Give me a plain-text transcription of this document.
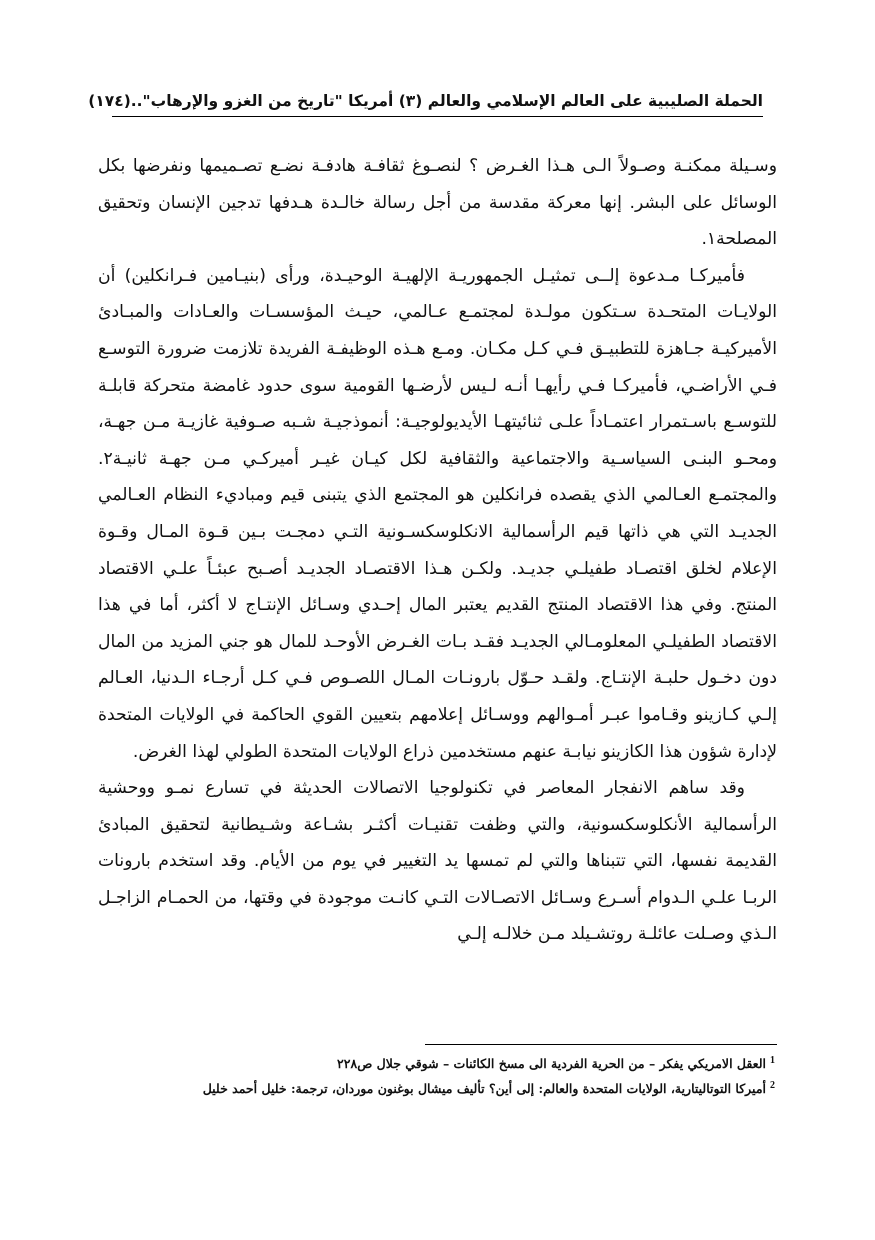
الحملة الصليبية على العالم الإسلامي والعالم (٣) أمريكا "تاريخ من الغزو والإرهاب"..
(١٧٤)

وسـيلة ممكنـة وصـولاً الـى هـذا الغـرض ؟ لنصـوغ ثقافـة هادفـة نضـع تصـميمها ونفرضها بكل الوسائل على البشر. إنها معركة مقدسة من أجل رسالة خالـدة هـدفها تدجين الإنسان وتحقيق المصلحة١.

فأميركـا مـدعوة إلــى تمثيـل الجمهوريـة الإلهيـة الوحيـدة، ورأى (بنيـامين فـرانكلين) أن الولايـات المتحـدة سـتكون مولـدة لمجتمـع عـالمي، حيـث المؤسسـات والعـادات والمبـادئ الأميركيـة جـاهزة للتطبيـق فـي كـل مكـان. ومـع هـذه الوظيفـة الفريدة تلازمت ضرورة التوسـع فـي الأراضـي، فأميركـا فـي رأيهـا أنـه لـيس لأرضـها القومية سوى حدود غامضة متحركة قابلـة للتوسـع باسـتمرار اعتمـاداً علـى ثنائيتهـا الأيديولوجيـة: أنموذجيـة شـبه صـوفية غازيـة مـن جهـة، ومحـو البنـى السياسـية والاجتماعية والثقافية لكل كيـان غيـر أميركـي مـن جهـة ثانيـة٢. والمجتمـع العـالمي الذي يقصده فرانكلين هو المجتمع الذي يتبنى قيم ومباديء النظام العـالمي الجديـد التي هي ذاتها قيم الرأسمالية الانكلوسكسـونية التـي دمجـت بـين قـوة المـال وقـوة الإعلام لخلق اقتصـاد طفيلـي جديـد. ولكـن هـذا الاقتصـاد الجديـد أصـبح عبئـاً علـي الاقتصاد المنتج. وفي هذا الاقتصاد المنتج القديم يعتبر المال إحـدي وسـائل الإنتـاج لا أكثر، أما في هذا الاقتصاد الطفيلـي المعلومـالي الجديـد فقـد بـات الغـرض الأوحـد للمال هو جني المزيد من المال دون دخـول حلبـة الإنتـاج. ولقـد حـوّل بارونـات المـال اللصـوص فـي كـل أرجـاء الـدنيا، العـالم إلـي كـازينو وقـاموا عبـر أمـوالهم ووسـائل إعلامهم بتعيين القوي الحاكمة في الولايات المتحدة لإدارة شؤون هذا الكازينو نيابـة عنهم مستخدمين ذراع الولايات المتحدة الطولي لهذا الغرض.

وقد ساهم الانفجار المعاصر في تكنولوجيا الاتصالات الحديثة في تسارع نمـو ووحشية الرأسمالية الأنكلوسكسونية، والتي وظفت تقنيـات أكثـر بشـاعة وشـيطانية لتحقيق المبادئ القديمة نفسها، التي تتبناها والتي لم تمسها يد التغيير في يوم من الأيام. وقد استخدم بارونات الربـا علـي الـدوام أسـرع وسـائل الاتصـالات التـي كانـت موجودة في وقتها، من الحمـام الزاجـل الـذي وصـلت عائلـة روتشـيلد مـن خلالـه إلـي

$^1$العقل الامريكي يفكر – من الحرية الفردية الى مسخ الكائنات – شوقي جلال ص٢٢٨

$^2$أميركا التوتاليتارية، الولايات المتحدة والعالم: إلى أين؟ تأليف ميشال بوغنون موردان، ترجمة: خليل أحمد خليل
